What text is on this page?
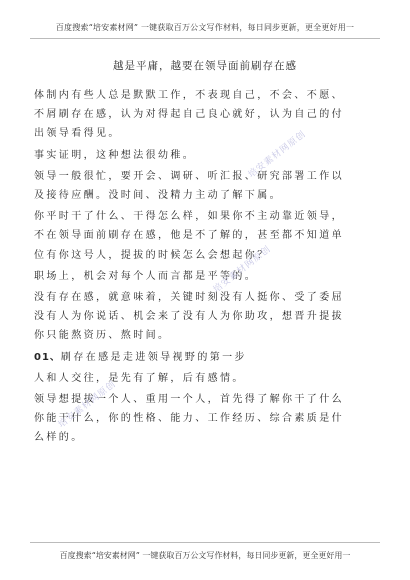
百度搜索“培安素材网” 一键获取百万公文写作材料，每日同步更新，更全更好用一
越是平庸，越要在领导面前刷存在感

体制内有些人总是默默工作，不表现自己，不会、不愿、

不屑刷存在感，认为对得起自己良心就好，认为自己的付

出领导看得见。

事实证明，这种想法很幼稚。

领导一般很忙，要开会、调研、听汇报、研究部署工作以

及接待应酬。没时间、没精力主动了解下属。

你平时干了什么、干得怎么样，如果你不主动靠近领导，

不在领导面前刷存在感，他是不了解的，甚至都不知道单

位有你这号人，提拔的时候怎么会想起你？

职场上，机会对每个人而言都是平等的。

没有存在感，就意味着，关键时刻没有人挺你、受了委屈

没有人为你说话、机会来了没有人为你助攻，想晋升提拔

你只能熬资历、熬时间。

01、刷存在感是走进领导视野的第一步

人和人交往，是先有了解，后有感情。

领导想提拔一个人、重用一个人，首先得了解你干了什么

你能干什么，你的性格、能力、工作经历、综合素质是什

么样的。

培安素材网原创
培安素材网原创
培安素材网原创
百度搜索“培安素材网” 一键获取百万公文写作材料，每日同步更新，更全更好用一
